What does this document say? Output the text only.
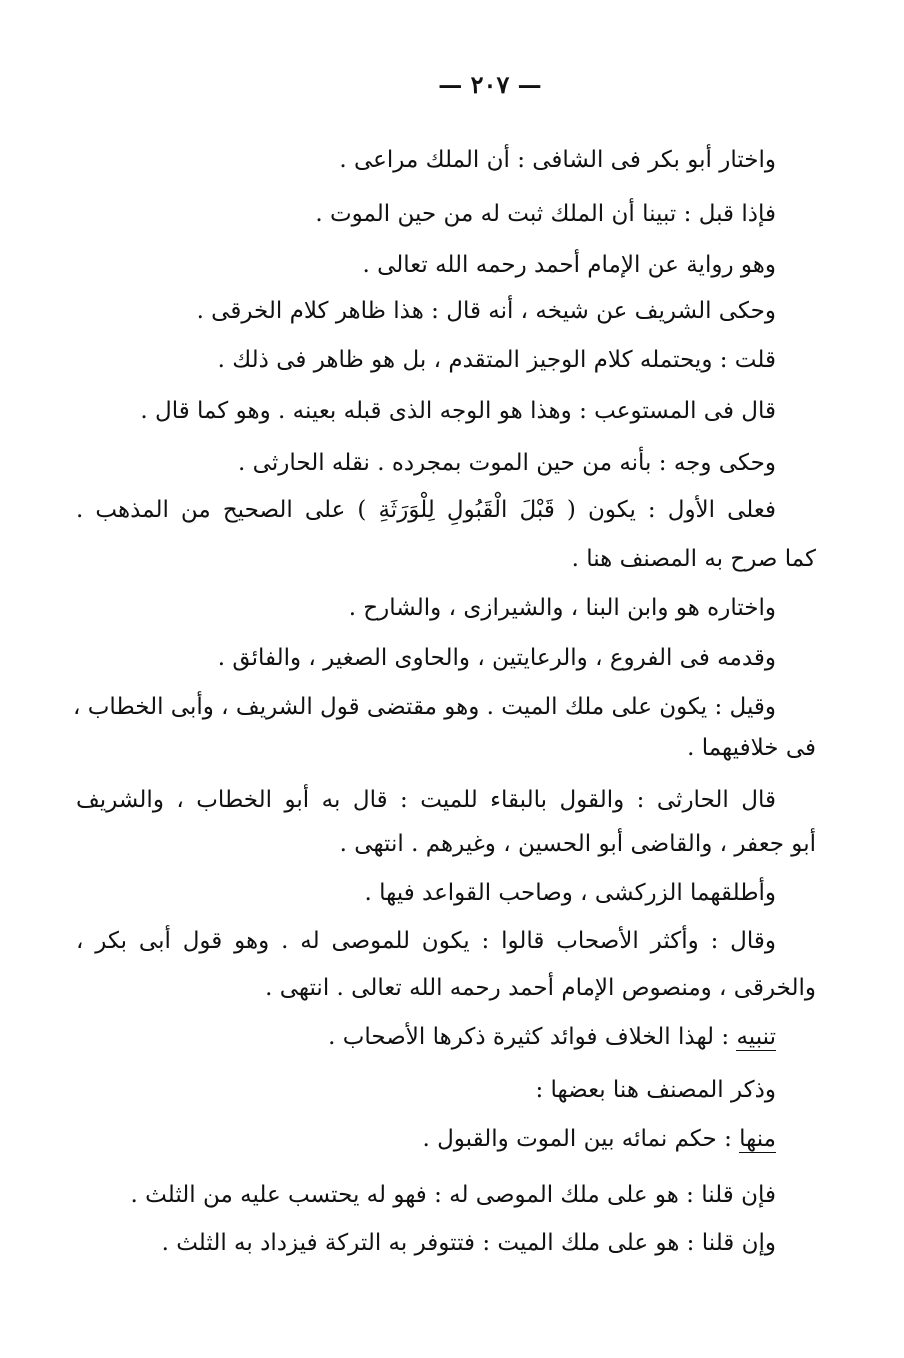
— ٢٠٧ —
واختار أبو بكر فى الشافى : أن الملك مراعى .
فإذا قبل : تبينا أن الملك ثبت له من حين الموت .
وهو رواية عن الإمام أحمد رحمه الله تعالى .
وحكى الشريف عن شيخه ، أنه قال : هذا ظاهر كلام الخرقى .
قلت : ويحتمله كلام الوجيز المتقدم ، بل هو ظاهر فى ذلك .
قال فى المستوعب : وهذا هو الوجه الذى قبله بعينه . وهو كما قال .
وحكى وجه : بأنه من حين الموت بمجرده . نقله الحارثى .
فعلى الأول : يكون ( قَبْلَ الْقَبُولِ لِلْوَرَثَةِ ) على الصحيح من المذهب .
كما صرح به المصنف هنا .
واختاره هو وابن البنا ، والشيرازى ، والشارح .
وقدمه فى الفروع ، والرعايتين ، والحاوى الصغير ، والفائق .
وقيل : يكون على ملك الميت . وهو مقتضى قول الشريف ، وأبى الخطاب ،
فى خلافيهما .
قال الحارثى : والقول بالبقاء للميت : قال به أبو الخطاب ، والشريف
أبو جعفر ، والقاضى أبو الحسين ، وغيرهم . انتهى .
وأطلقهما الزركشى ، وصاحب القواعد فيها .
وقال : وأكثر الأصحاب قالوا : يكون للموصى له . وهو قول أبى بكر ،
والخرقى ، ومنصوص الإمام أحمد رحمه الله تعالى . انتهى .
تنبيه : لهذا الخلاف فوائد كثيرة ذكرها الأصحاب .
وذكر المصنف هنا بعضها :
منها : حكم نمائه بين الموت والقبول .
فإن قلنا : هو على ملك الموصى له : فهو له يحتسب عليه من الثلث .
وإن قلنا : هو على ملك الميت : فتتوفر به التركة فيزداد به الثلث .
